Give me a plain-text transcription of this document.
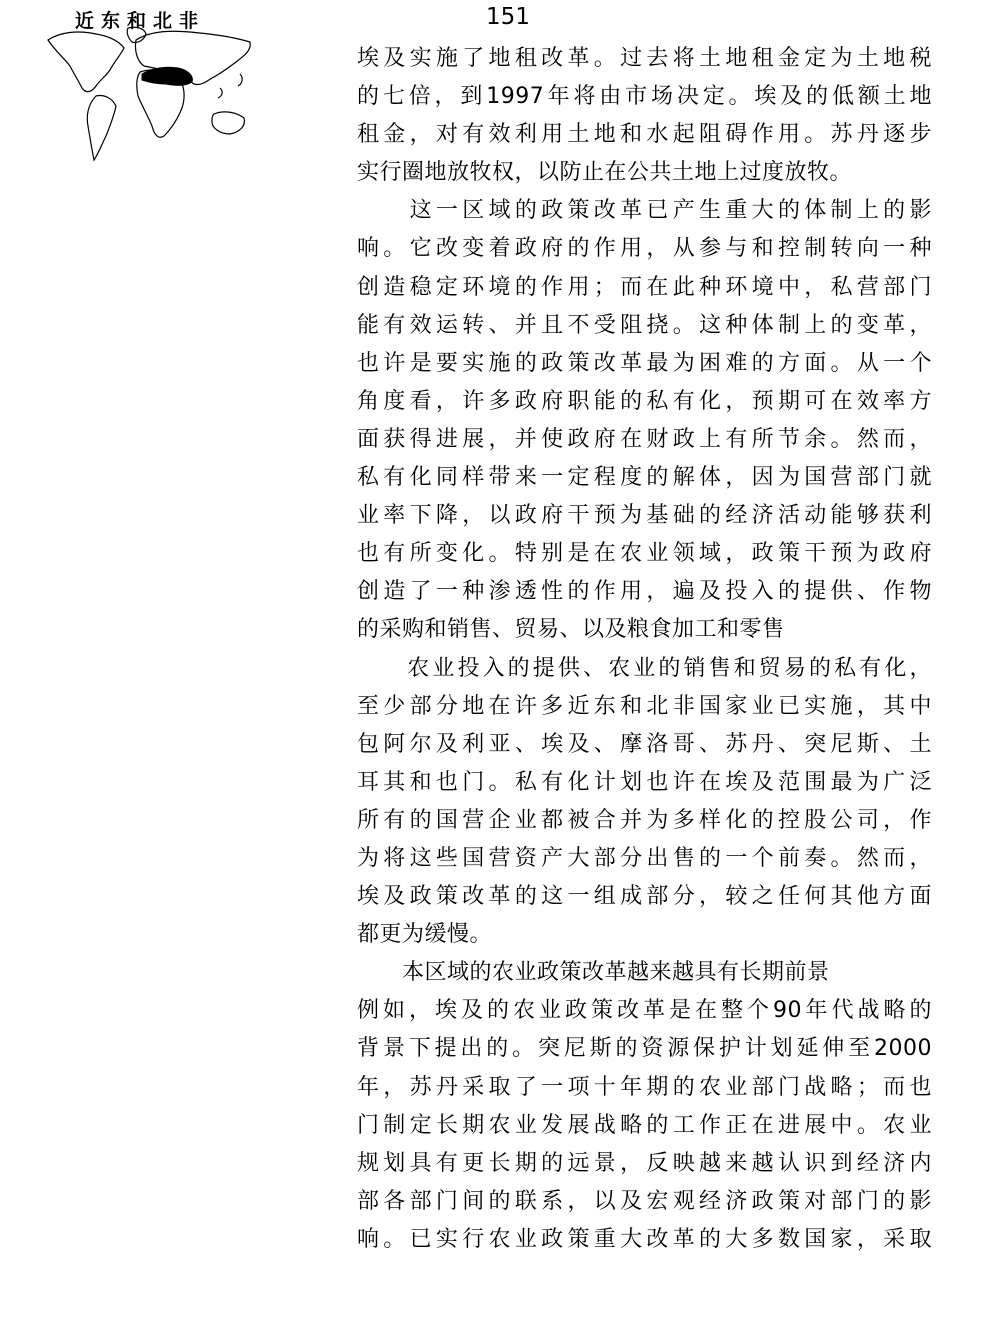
近东和北非	151
埃及实施了地租改革。过去将土地租金定为土地税
的七倍，到1997年将由市场决定。埃及的低额土地
租金，对有效利用土地和水起阻碍作用。苏丹逐步
实行圈地放牧权，以防止在公共土地上过度放牧。
　　这一区域的政策改革已产生重大的体制上的影
响。它改变着政府的作用，从参与和控制转向一种
创造稳定环境的作用；而在此种环境中，私营部门
能有效运转、并且不受阻挠。这种体制上的变革，
也许是要实施的政策改革最为困难的方面。从一个
角度看，许多政府职能的私有化，预期可在效率方
面获得进展，并使政府在财政上有所节余。然而，
私有化同样带来一定程度的解体，因为国营部门就
业率下降，以政府干预为基础的经济活动能够获利
也有所变化。特别是在农业领域，政策干预为政府
创造了一种渗透性的作用，遍及投入的提供、作物
的采购和销售、贸易、以及粮食加工和零售
　　农业投入的提供、农业的销售和贸易的私有化，
至少部分地在许多近东和北非国家业已实施，其中
包阿尔及利亚、埃及、摩洛哥、苏丹、突尼斯、土
耳其和也门。私有化计划也许在埃及范围最为广泛
所有的国营企业都被合并为多样化的控股公司，作
为将这些国营资产大部分出售的一个前奏。然而，
埃及政策改革的这一组成部分，较之任何其他方面
都更为缓慢。
　　本区域的农业政策改革越来越具有长期前景
例如，埃及的农业政策改革是在整个90年代战略的
背景下提出的。突尼斯的资源保护计划延伸至2000
年，苏丹采取了一项十年期的农业部门战略；而也
门制定长期农业发展战略的工作正在进展中。农业
规划具有更长期的远景，反映越来越认识到经济内
部各部门间的联系，以及宏观经济政策对部门的影
响。已实行农业政策重大改革的大多数国家，采取
